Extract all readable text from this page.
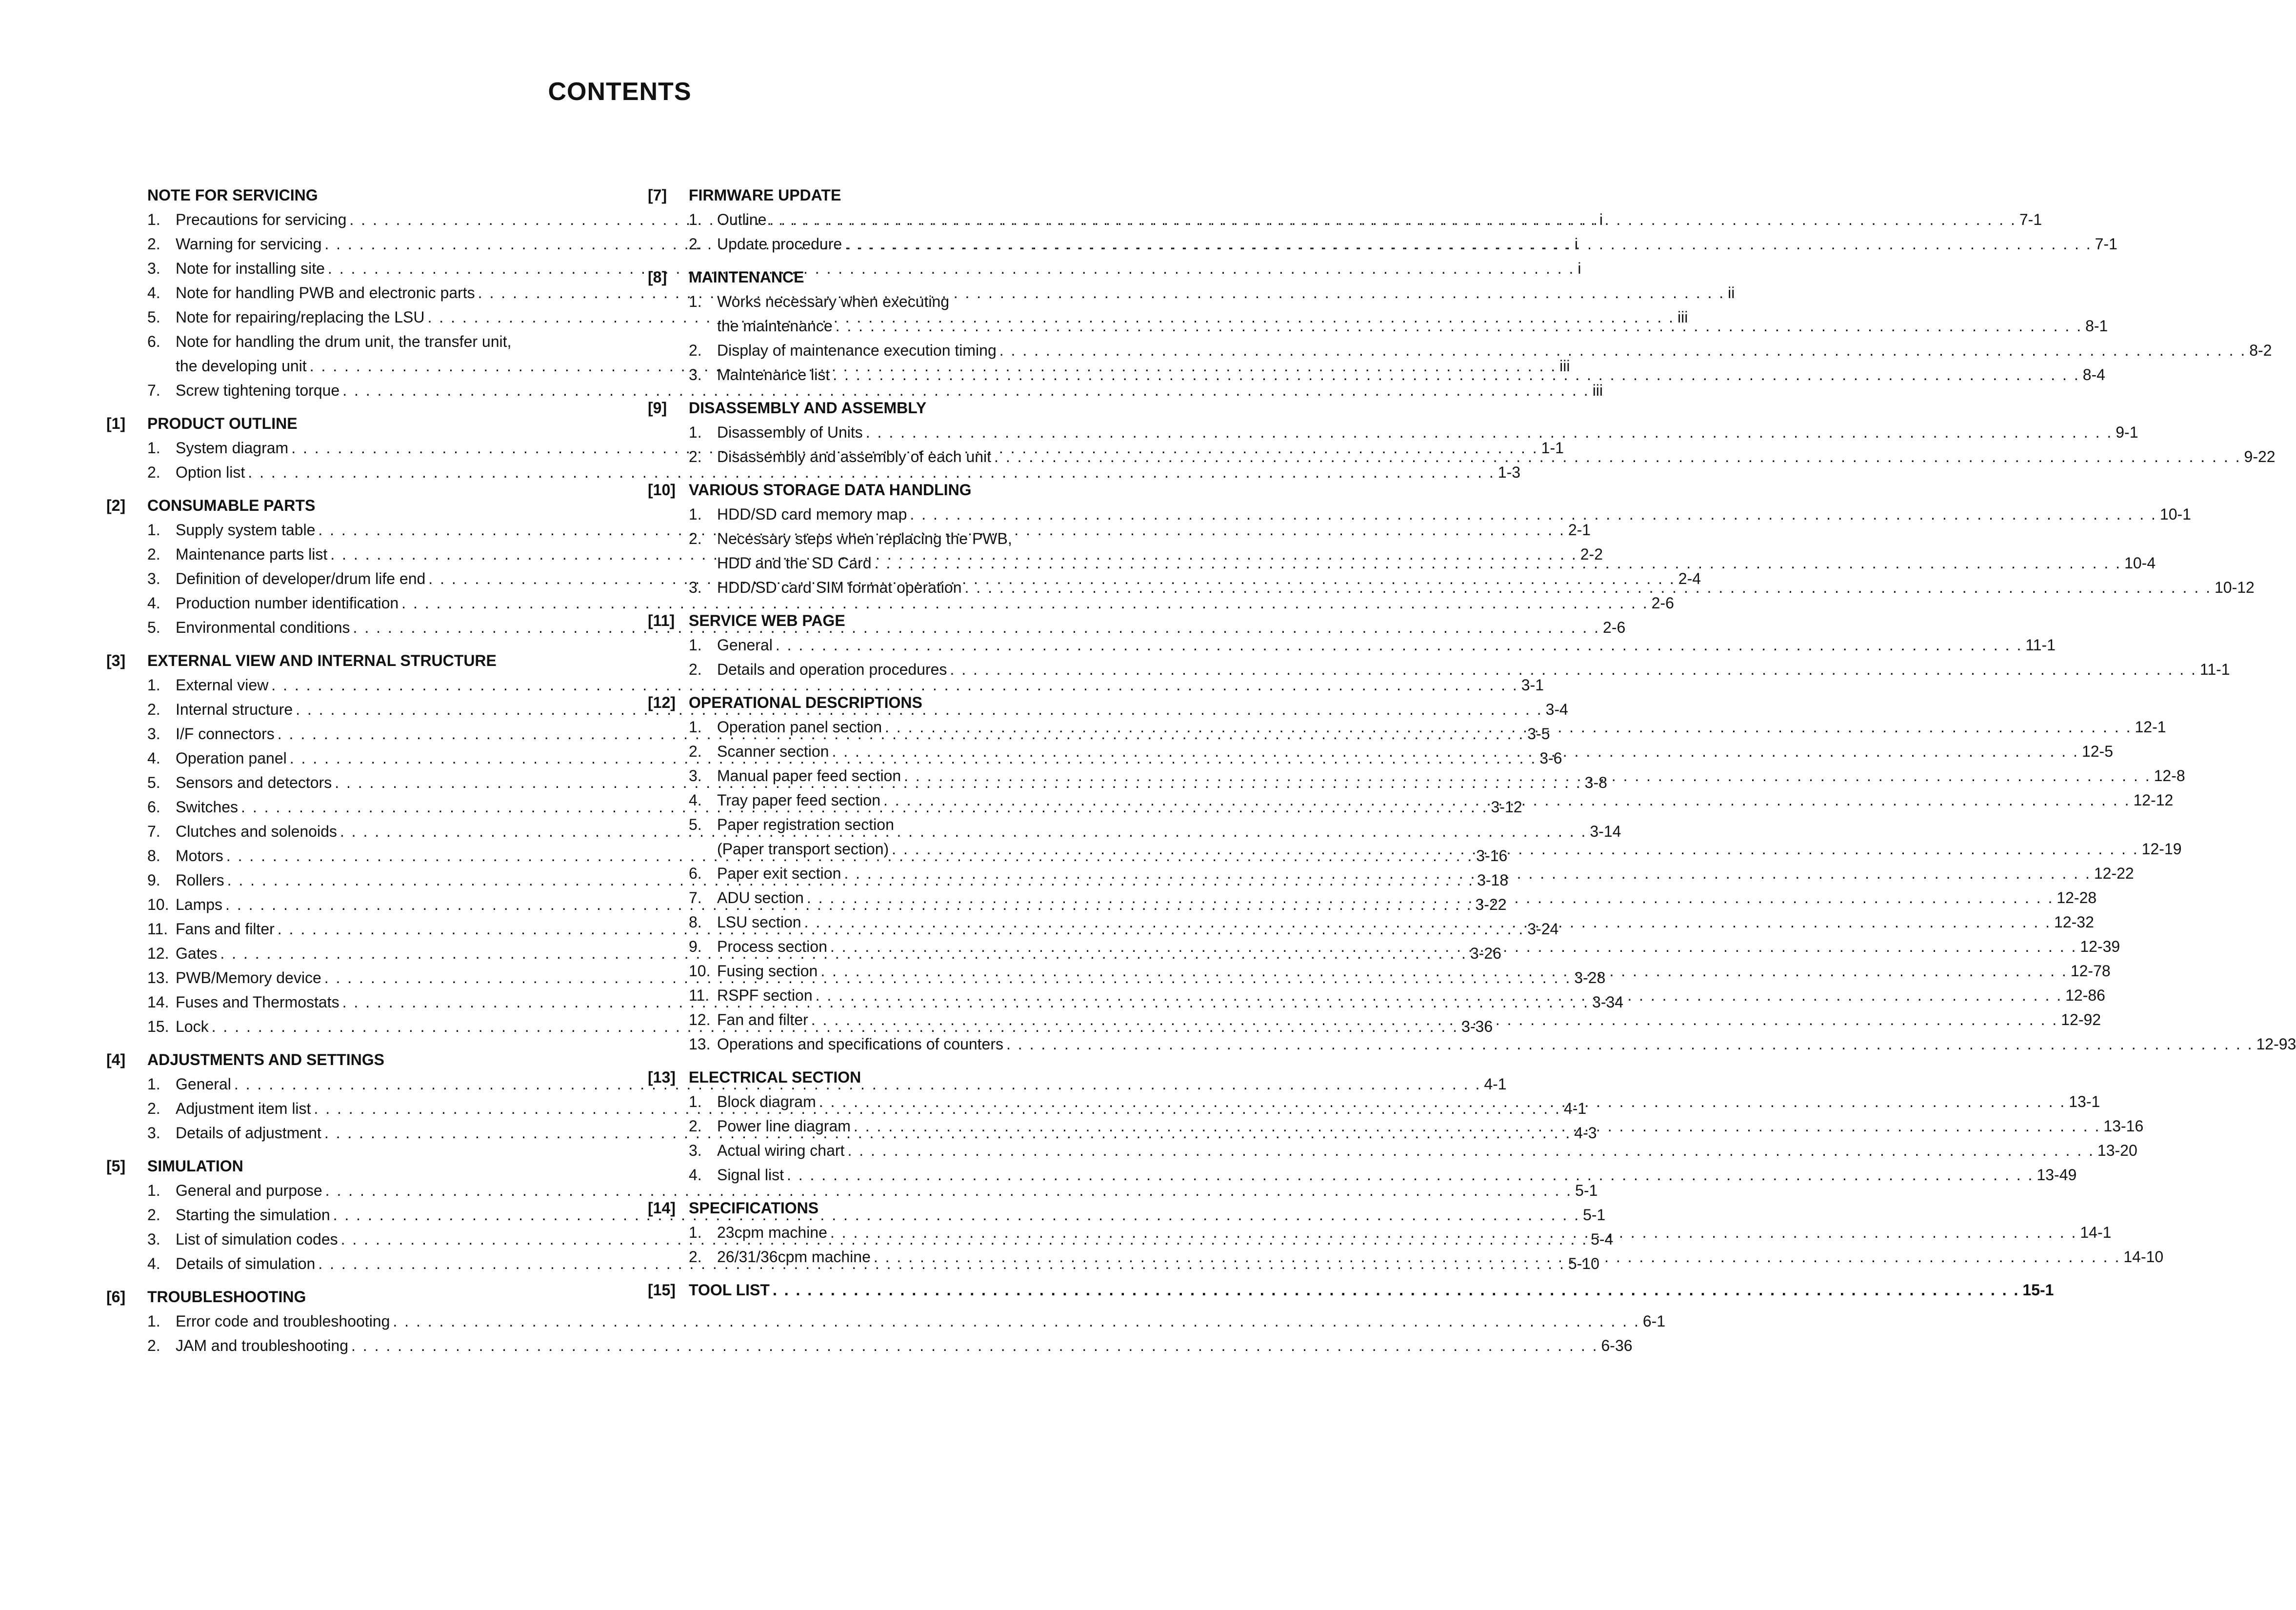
CONTENTS
NOTE FOR SERVICING
1. Precautions for servicing . . .	i
2. Warning for servicing . . .	i
3. Note for installing site . . .	i
4. Note for handling PWB and electronic parts . . .	ii
5. Note for repairing/replacing the LSU . . .	iii
6. Note for handling the drum unit, the transfer unit,
the developing unit . . .	iii
7. Screw tightening torque . . .	iii
[1]	PRODUCT OUTLINE
1. System diagram . . .	1-1
2. Option list . . .	1-3
[2]	CONSUMABLE PARTS
1. Supply system table . . .	2-1
2. Maintenance parts list . . .	2-2
3. Definition of developer/drum life end . . .	2-4
4. Production number identification . . .	2-6
5. Environmental conditions . . .	2-6
[3]	EXTERNAL VIEW AND INTERNAL STRUCTURE
1. External view . . .	3-1
2. Internal structure . . .	3-4
3. I/F connectors . . .	3-5
4. Operation panel . . .	3-6
5. Sensors and detectors . . .	3-8
6. Switches . . .	3-12
7. Clutches and solenoids . . .	3-14
8. Motors . . .	3-16
9. Rollers . . .	3-18
10. Lamps . . .	3-22
11. Fans and filter . . .	3-24
12. Gates . . .	3-26
13. PWB/Memory device . . .	3-28
14. Fuses and Thermostats . . .	3-34
15. Lock . . .	3-36
[4]	ADJUSTMENTS AND SETTINGS
1. General . . .	4-1
2. Adjustment item list . . .	4-1
3. Details of adjustment . . .	4-3
[5]	SIMULATION
1. General and purpose . . .	5-1
2. Starting the simulation . . .	5-1
3. List of simulation codes . . .	5-4
4. Details of simulation . . .	5-10
[6]	TROUBLESHOOTING
1. Error code and troubleshooting . . .	6-1
2. JAM and troubleshooting . . .	6-36
[7]	FIRMWARE UPDATE
1. Outline . . .	7-1
2. Update procedure . . .	7-1
[8]	MAINTENANCE
1. Works necessary when executing
the maintenance . . .	8-1
2. Display of maintenance execution timing . . .	8-2
3. Maintenance list . . .	8-4
[9]	DISASSEMBLY AND ASSEMBLY
1. Disassembly of Units . . .	9-1
2. Disassembly and assembly of each unit . . .	9-22
[10] VARIOUS STORAGE DATA HANDLING
1. HDD/SD card memory map . . .	10-1
2. Necessary steps when replacing the PWB,
HDD and the SD Card . . .	10-4
3. HDD/SD card SIM format operation . . .	10-12
[11] SERVICE WEB PAGE
1. General . . .	11-1
2. Details and operation procedures . . .	11-1
[12] OPERATIONAL DESCRIPTIONS
1. Operation panel section . . .	12-1
2. Scanner section . . .	12-5
3. Manual paper feed section . . .	12-8
4. Tray paper feed section . . .	12-12
5. Paper registration section
(Paper transport section) . . .	12-19
6. Paper exit section . . .	12-22
7. ADU section . . .	12-28
8. LSU section . . .	12-32
9. Process section . . .	12-39
10. Fusing section . . .	12-78
11. RSPF section . . .	12-86
12. Fan and filter . . .	12-92
13. Operations and specifications of counters . . .	12-93
[13] ELECTRICAL SECTION
1. Block diagram . . .	13-1
2. Power line diagram . . .	13-16
3. Actual wiring chart . . .	13-20
4. Signal list . . .	13-49
[14] SPECIFICATIONS
1. 23cpm machine . . .	14-1
2. 26/31/36cpm machine . . .	14-10
[15] TOOL LIST . . .	15-1
